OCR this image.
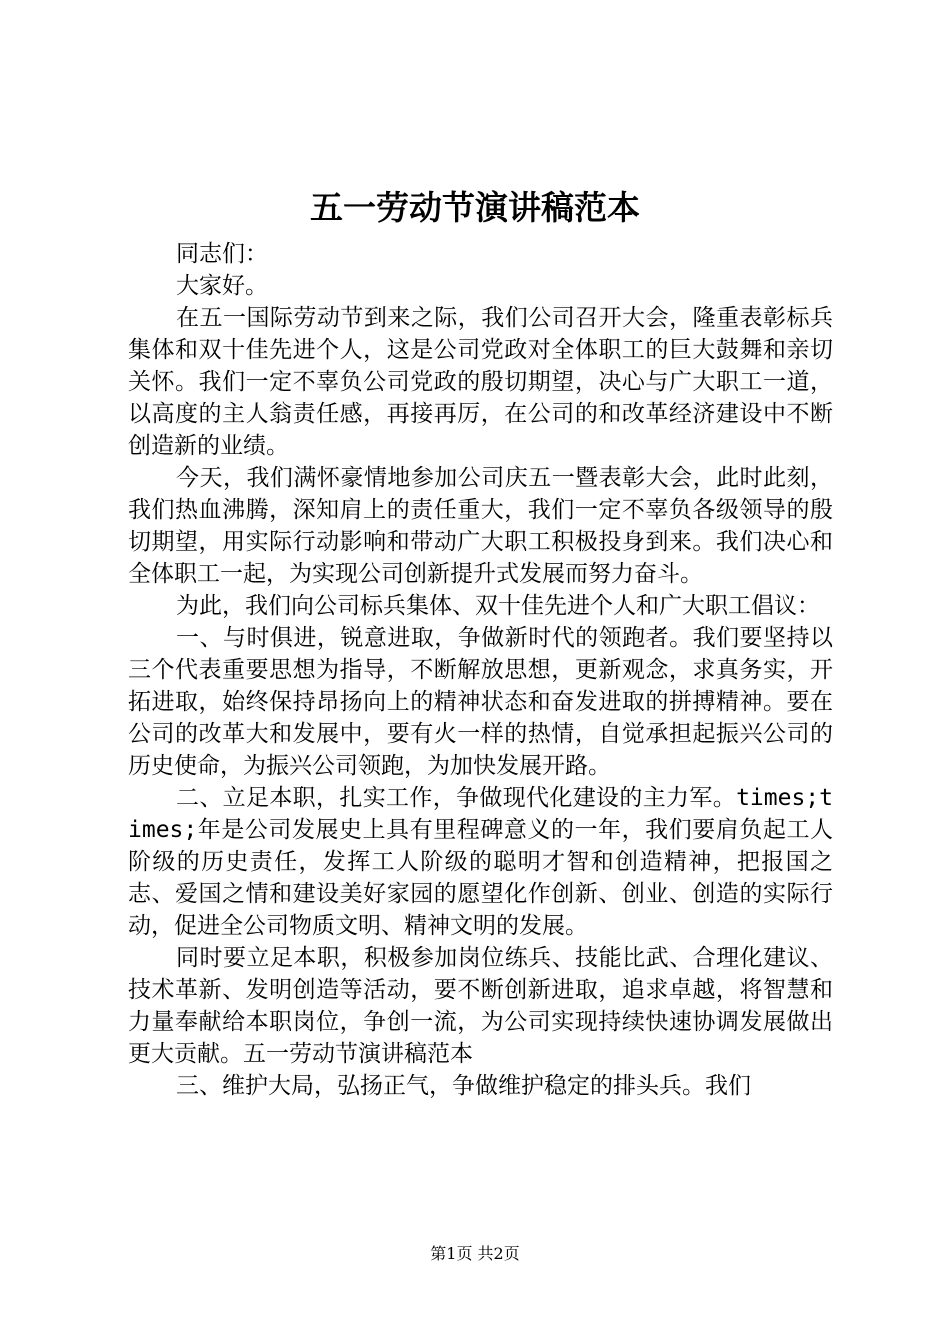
五一劳动节演讲稿范本

同志们：

大家好。

在五一国际劳动节到来之际，我们公司召开大会，隆重表彰标兵集体和双十佳先进个人，这是公司党政对全体职工的巨大鼓舞和亲切关怀。我们一定不辜负公司党政的殷切期望，决心与广大职工一道，以高度的主人翁责任感，再接再厉，在公司的和改革经济建设中不断创造新的业绩。

今天，我们满怀豪情地参加公司庆五一暨表彰大会，此时此刻，我们热血沸腾，深知肩上的责任重大，我们一定不辜负各级领导的殷切期望，用实际行动影响和带动广大职工积极投身到来。我们决心和全体职工一起，为实现公司创新提升式发展而努力奋斗。

为此，我们向公司标兵集体、双十佳先进个人和广大职工倡议：

一、与时俱进，锐意进取，争做新时代的领跑者。我们要坚持以三个代表重要思想为指导，不断解放思想，更新观念，求真务实，开拓进取，始终保持昂扬向上的精神状态和奋发进取的拼搏精神。要在公司的改革大和发展中，要有火一样的热情，自觉承担起振兴公司的历史使命，为振兴公司领跑，为加快发展开路。

二、立足本职，扎实工作，争做现代化建设的主力军。times;times;年是公司发展史上具有里程碑意义的一年，我们要肩负起工人阶级的历史责任，发挥工人阶级的聪明才智和创造精神，把报国之志、爱国之情和建设美好家园的愿望化作创新、创业、创造的实际行动，促进全公司物质文明、精神文明的发展。

同时要立足本职，积极参加岗位练兵、技能比武、合理化建议、技术革新、发明创造等活动，要不断创新进取，追求卓越，将智慧和力量奉献给本职岗位，争创一流，为公司实现持续快速协调发展做出更大贡献。五一劳动节演讲稿范本

三、维护大局，弘扬正气，争做维护稳定的排头兵。我们

第1页 共2页
